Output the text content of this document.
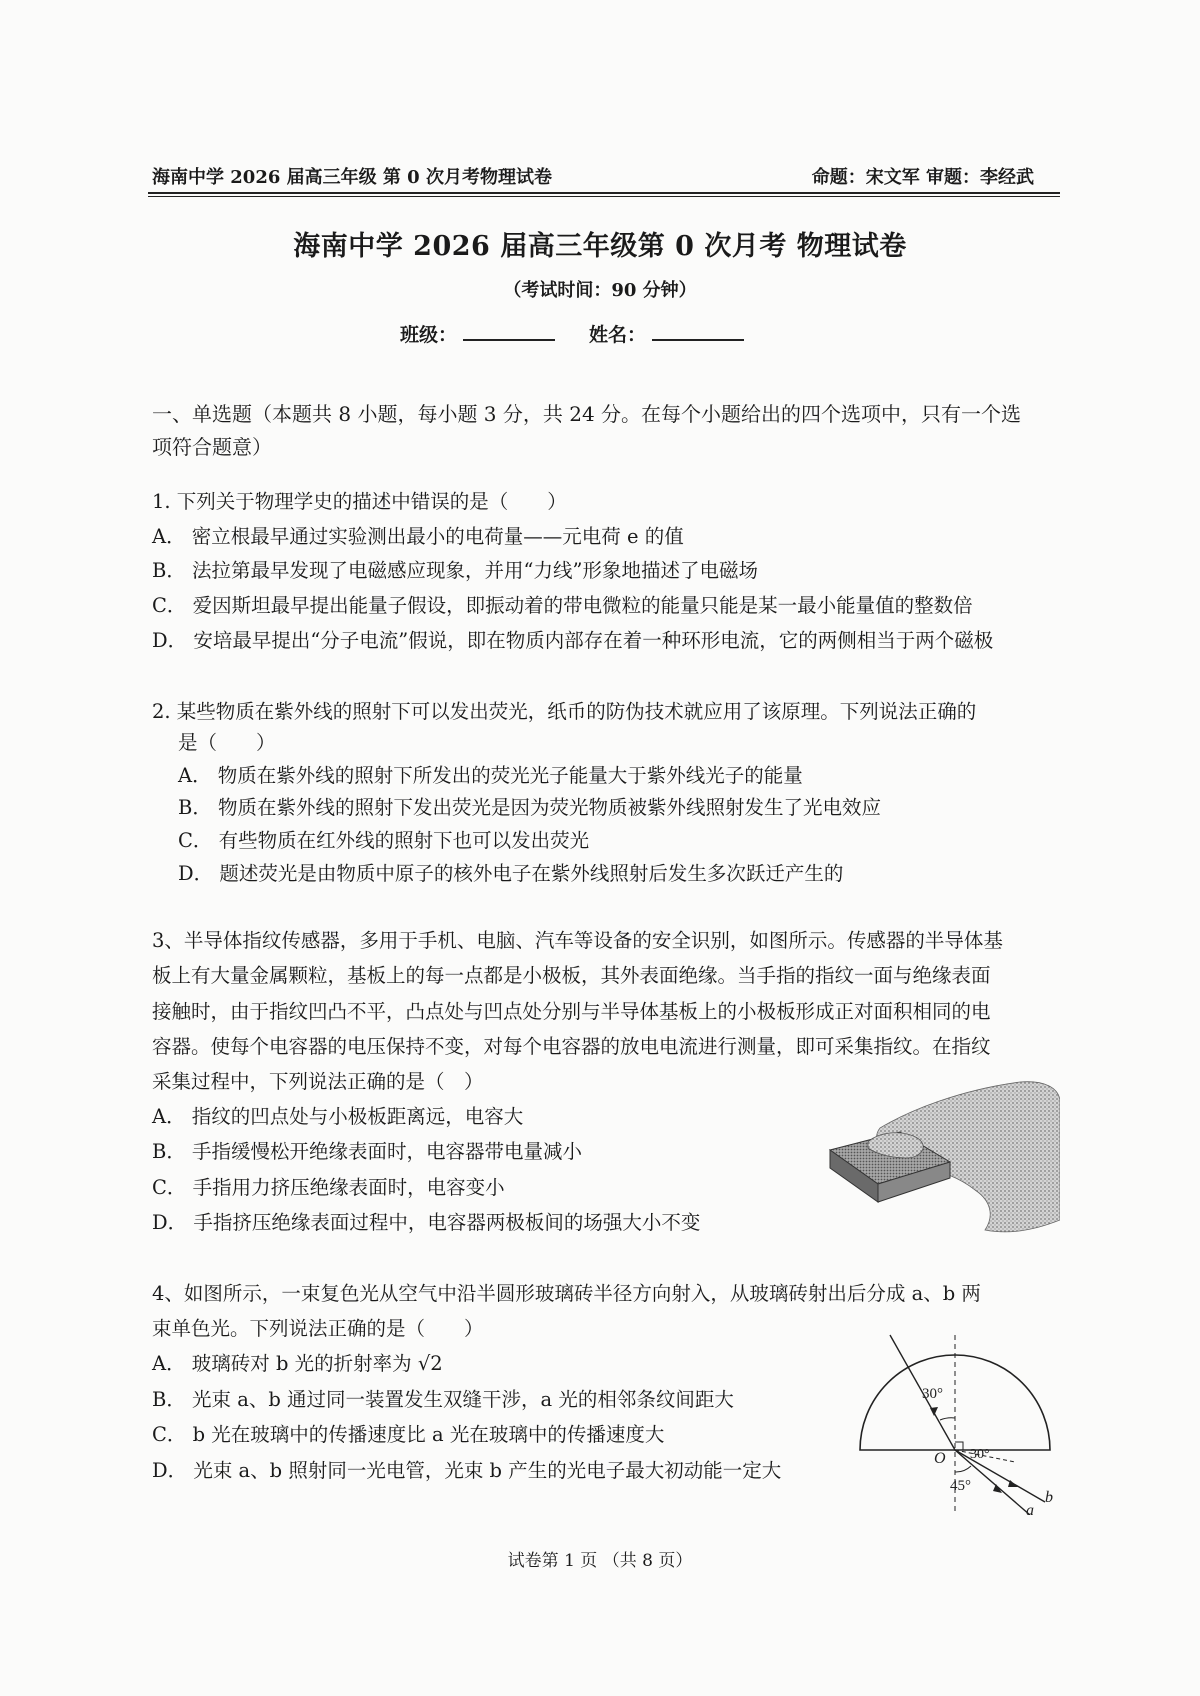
海南中学 2026 届高三年级 第 0 次月考物理试卷	命题：宋文军 审题：李经武
海南中学 2026 届高三年级第 0 次月考 物理试卷
（考试时间：90 分钟）
班级：	姓名：
一、单选题（本题共 8 小题，每小题 3 分，共 24 分。在每个小题给出的四个选项中，只有一个选
项符合题意）
1. 下列关于物理学史的描述中错误的是（　　）
A． 密立根最早通过实验测出最小的电荷量——元电荷 e 的值
B． 法拉第最早发现了电磁感应现象，并用“力线”形象地描述了电磁场
C． 爱因斯坦最早提出能量子假设，即振动着的带电微粒的能量只能是某一最小能量值的整数倍
D． 安培最早提出“分子电流”假说，即在物质内部存在着一种环形电流，它的两侧相当于两个磁极
2. 某些物质在紫外线的照射下可以发出荧光，纸币的防伪技术就应用了该原理。下列说法正确的
是（　　）
A． 物质在紫外线的照射下所发出的荧光光子能量大于紫外线光子的能量
B． 物质在紫外线的照射下发出荧光是因为荧光物质被紫外线照射发生了光电效应
C． 有些物质在红外线的照射下也可以发出荧光
D． 题述荧光是由物质中原子的核外电子在紫外线照射后发生多次跃迁产生的
3、半导体指纹传感器，多用于手机、电脑、汽车等设备的安全识别，如图所示。传感器的半导体基
板上有大量金属颗粒，基板上的每一点都是小极板，其外表面绝缘。当手指的指纹一面与绝缘表面
接触时，由于指纹凹凸不平，凸点处与凹点处分别与半导体基板上的小极板形成正对面积相同的电
容器。使每个电容器的电压保持不变，对每个电容器的放电电流进行测量，即可采集指纹。在指纹
采集过程中，下列说法正确的是（　）
A． 指纹的凹点处与小极板距离远，电容大
B． 手指缓慢松开绝缘表面时，电容器带电量减小
C． 手指用力挤压绝缘表面时，电容变小
D． 手指挤压绝缘表面过程中，电容器两极板间的场强大小不变
4、如图所示，一束复色光从空气中沿半圆形玻璃砖半径方向射入，从玻璃砖射出后分成 a、b 两
束单色光。下列说法正确的是（　　）
A． 玻璃砖对 b 光的折射率为 √2
B． 光束 a、b 通过同一装置发生双缝干涉，a 光的相邻条纹间距大
C． b 光在玻璃中的传播速度比 a 光在玻璃中的传播速度大
D． 光束 a、b 照射同一光电管，光束 b 产生的光电子最大初动能一定大
30°
30°
45°
O
b
a
试卷第 1 页 （共 8 页）
